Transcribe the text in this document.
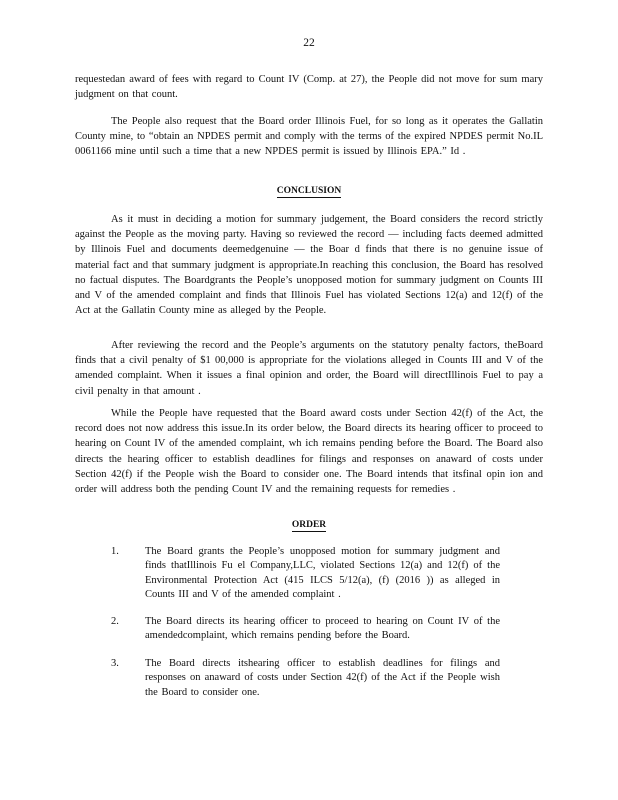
22
requestedan award of fees with regard to Count IV (Comp. at 27), the People did not move for sum mary judgment on that count.
The People also request that the Board order Illinois Fuel, for so long as it operates the Gallatin County mine, to “obtain an NPDES permit and comply with the terms of the expired NPDES permit No.IL 0061166 mine until such a time that a new NPDES permit is issued by Illinois EPA.” Id .
CONCLUSION
As it must in deciding a motion for summary judgement, the Board considers the record strictly against the People as the moving party. Having so reviewed the record — including facts deemed admitted by Illinois Fuel and documents deemedgenuine — the Boar d finds that there is no genuine issue of material fact and that summary judgment is appropriate.In reaching this conclusion, the Board has resolved no factual disputes. The Boardgrants the People’s unopposed motion for summary judgment on Counts III and V of the amended complaint and finds that Illinois Fuel has violated Sections 12(a) and 12(f) of the Act at the Gallatin County mine as alleged by the People.
After reviewing the record and the People’s arguments on the statutory penalty factors, theBoard finds that a civil penalty of $1 00,000 is appropriate for the violations alleged in Counts III and V of the amended complaint. When it issues a final opinion and order, the Board will directIllinois Fuel to pay a civil penalty in that amount .
While the People have requested that the Board award costs under Section 42(f) of the Act, the record does not now address this issue.In its order below, the Board directs its hearing officer to proceed to hearing on Count IV of the amended complaint, wh ich remains pending before the Board. The Board also directs the hearing officer to establish deadlines for filings and responses on anaward of costs under Section 42(f) if the People wish the Board to consider one. The Board intends that itsfinal opin ion and order will address both the pending Count IV and the remaining requests for remedies .
ORDER
1.	The Board grants the People’s unopposed motion for summary judgment and finds thatIllinois Fu el Company,LLC, violated Sections 12(a) and 12(f) of the Environmental Protection Act (415 ILCS 5/12(a), (f) (2016 )) as alleged in Counts III and V of the amended complaint .
2.	The Board directs its hearing officer to proceed to hearing on Count IV of the amendedcomplaint, which remains pending before the Board.
3.	The Board directs itshearing officer to establish deadlines for filings and responses on anaward of costs under Section 42(f) of the Act if the People wish the Board to consider one.
